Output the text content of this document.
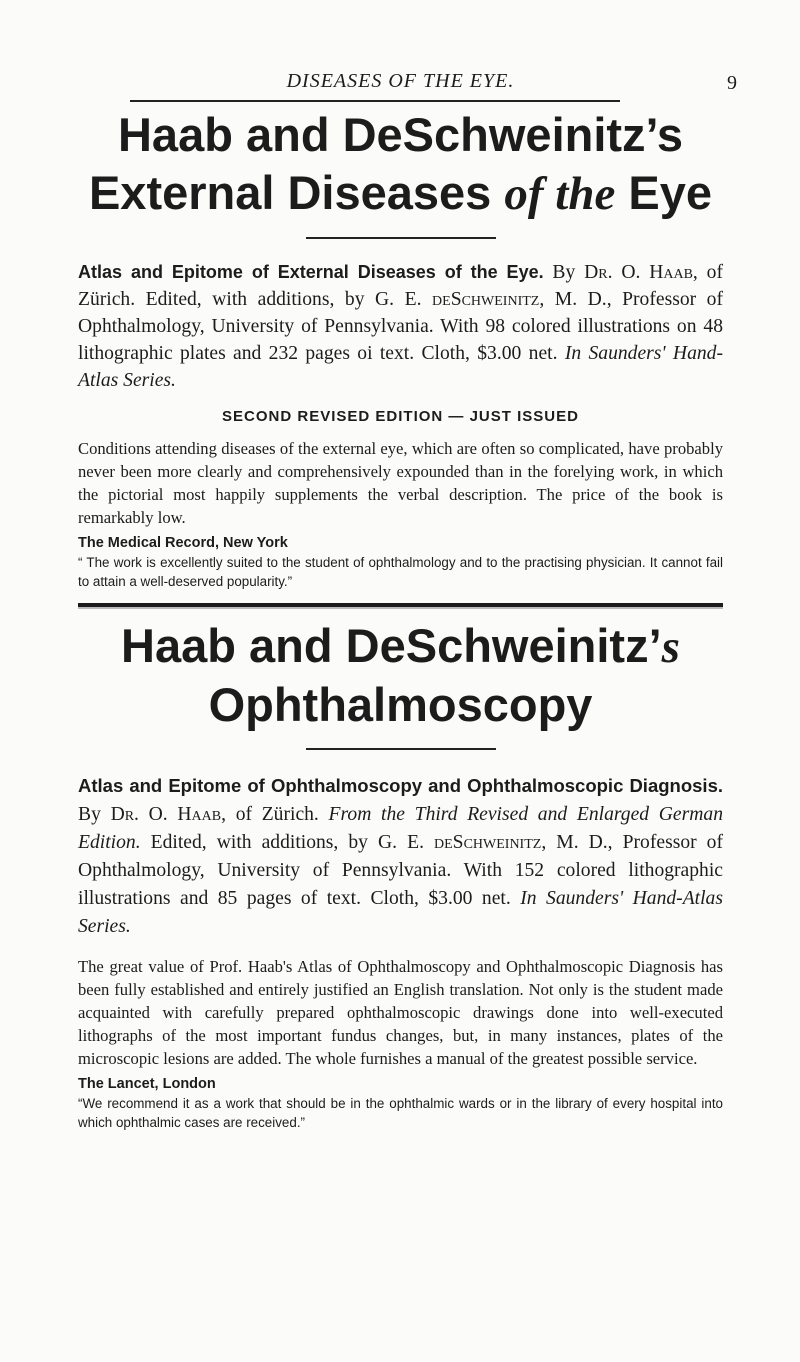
DISEASES OF THE EYE.	9
Haab and DeSchweinitz’s
External Diseases of the Eye

Atlas and Epitome of External Diseases of the Eye. By Dr. O. Haab, of Zürich. Edited, with additions, by G. E. deSchweinitz, M. D., Professor of Ophthalmology, University of Pennsylvania. With 98 colored illustrations on 48 lithographic plates and 232 pages oi text. Cloth, $3.00 net. In Saunders' Hand-Atlas Series.

SECOND REVISED EDITION — JUST ISSUED

Conditions attending diseases of the external eye, which are often so complicated, have probably never been more clearly and comprehensively expounded than in the forelying work, in which the pictorial most happily supplements the verbal description. The price of the book is remarkably low.

The Medical Record, New York

“ The work is excellently suited to the student of ophthalmology and to the practising physician. It cannot fail to attain a well-deserved popularity.”

Haab and DeSchweinitz’s
Ophthalmoscopy

Atlas and Epitome of Ophthalmoscopy and Ophthalmoscopic Diagnosis. By Dr. O. Haab, of Zürich. From the Third Revised and Enlarged German Edition. Edited, with additions, by G. E. deSchweinitz, M. D., Professor of Ophthalmology, University of Pennsylvania. With 152 colored lithographic illustrations and 85 pages of text. Cloth, $3.00 net. In Saunders' Hand-Atlas Series.

The great value of Prof. Haab's Atlas of Ophthalmoscopy and Ophthalmoscopic Diagnosis has been fully established and entirely justified an English translation. Not only is the student made acquainted with carefully prepared ophthalmoscopic drawings done into well-executed lithographs of the most important fundus changes, but, in many instances, plates of the microscopic lesions are added. The whole furnishes a manual of the greatest possible service.

The Lancet, London

“We recommend it as a work that should be in the ophthalmic wards or in the library of every hospital into which ophthalmic cases are received.”
